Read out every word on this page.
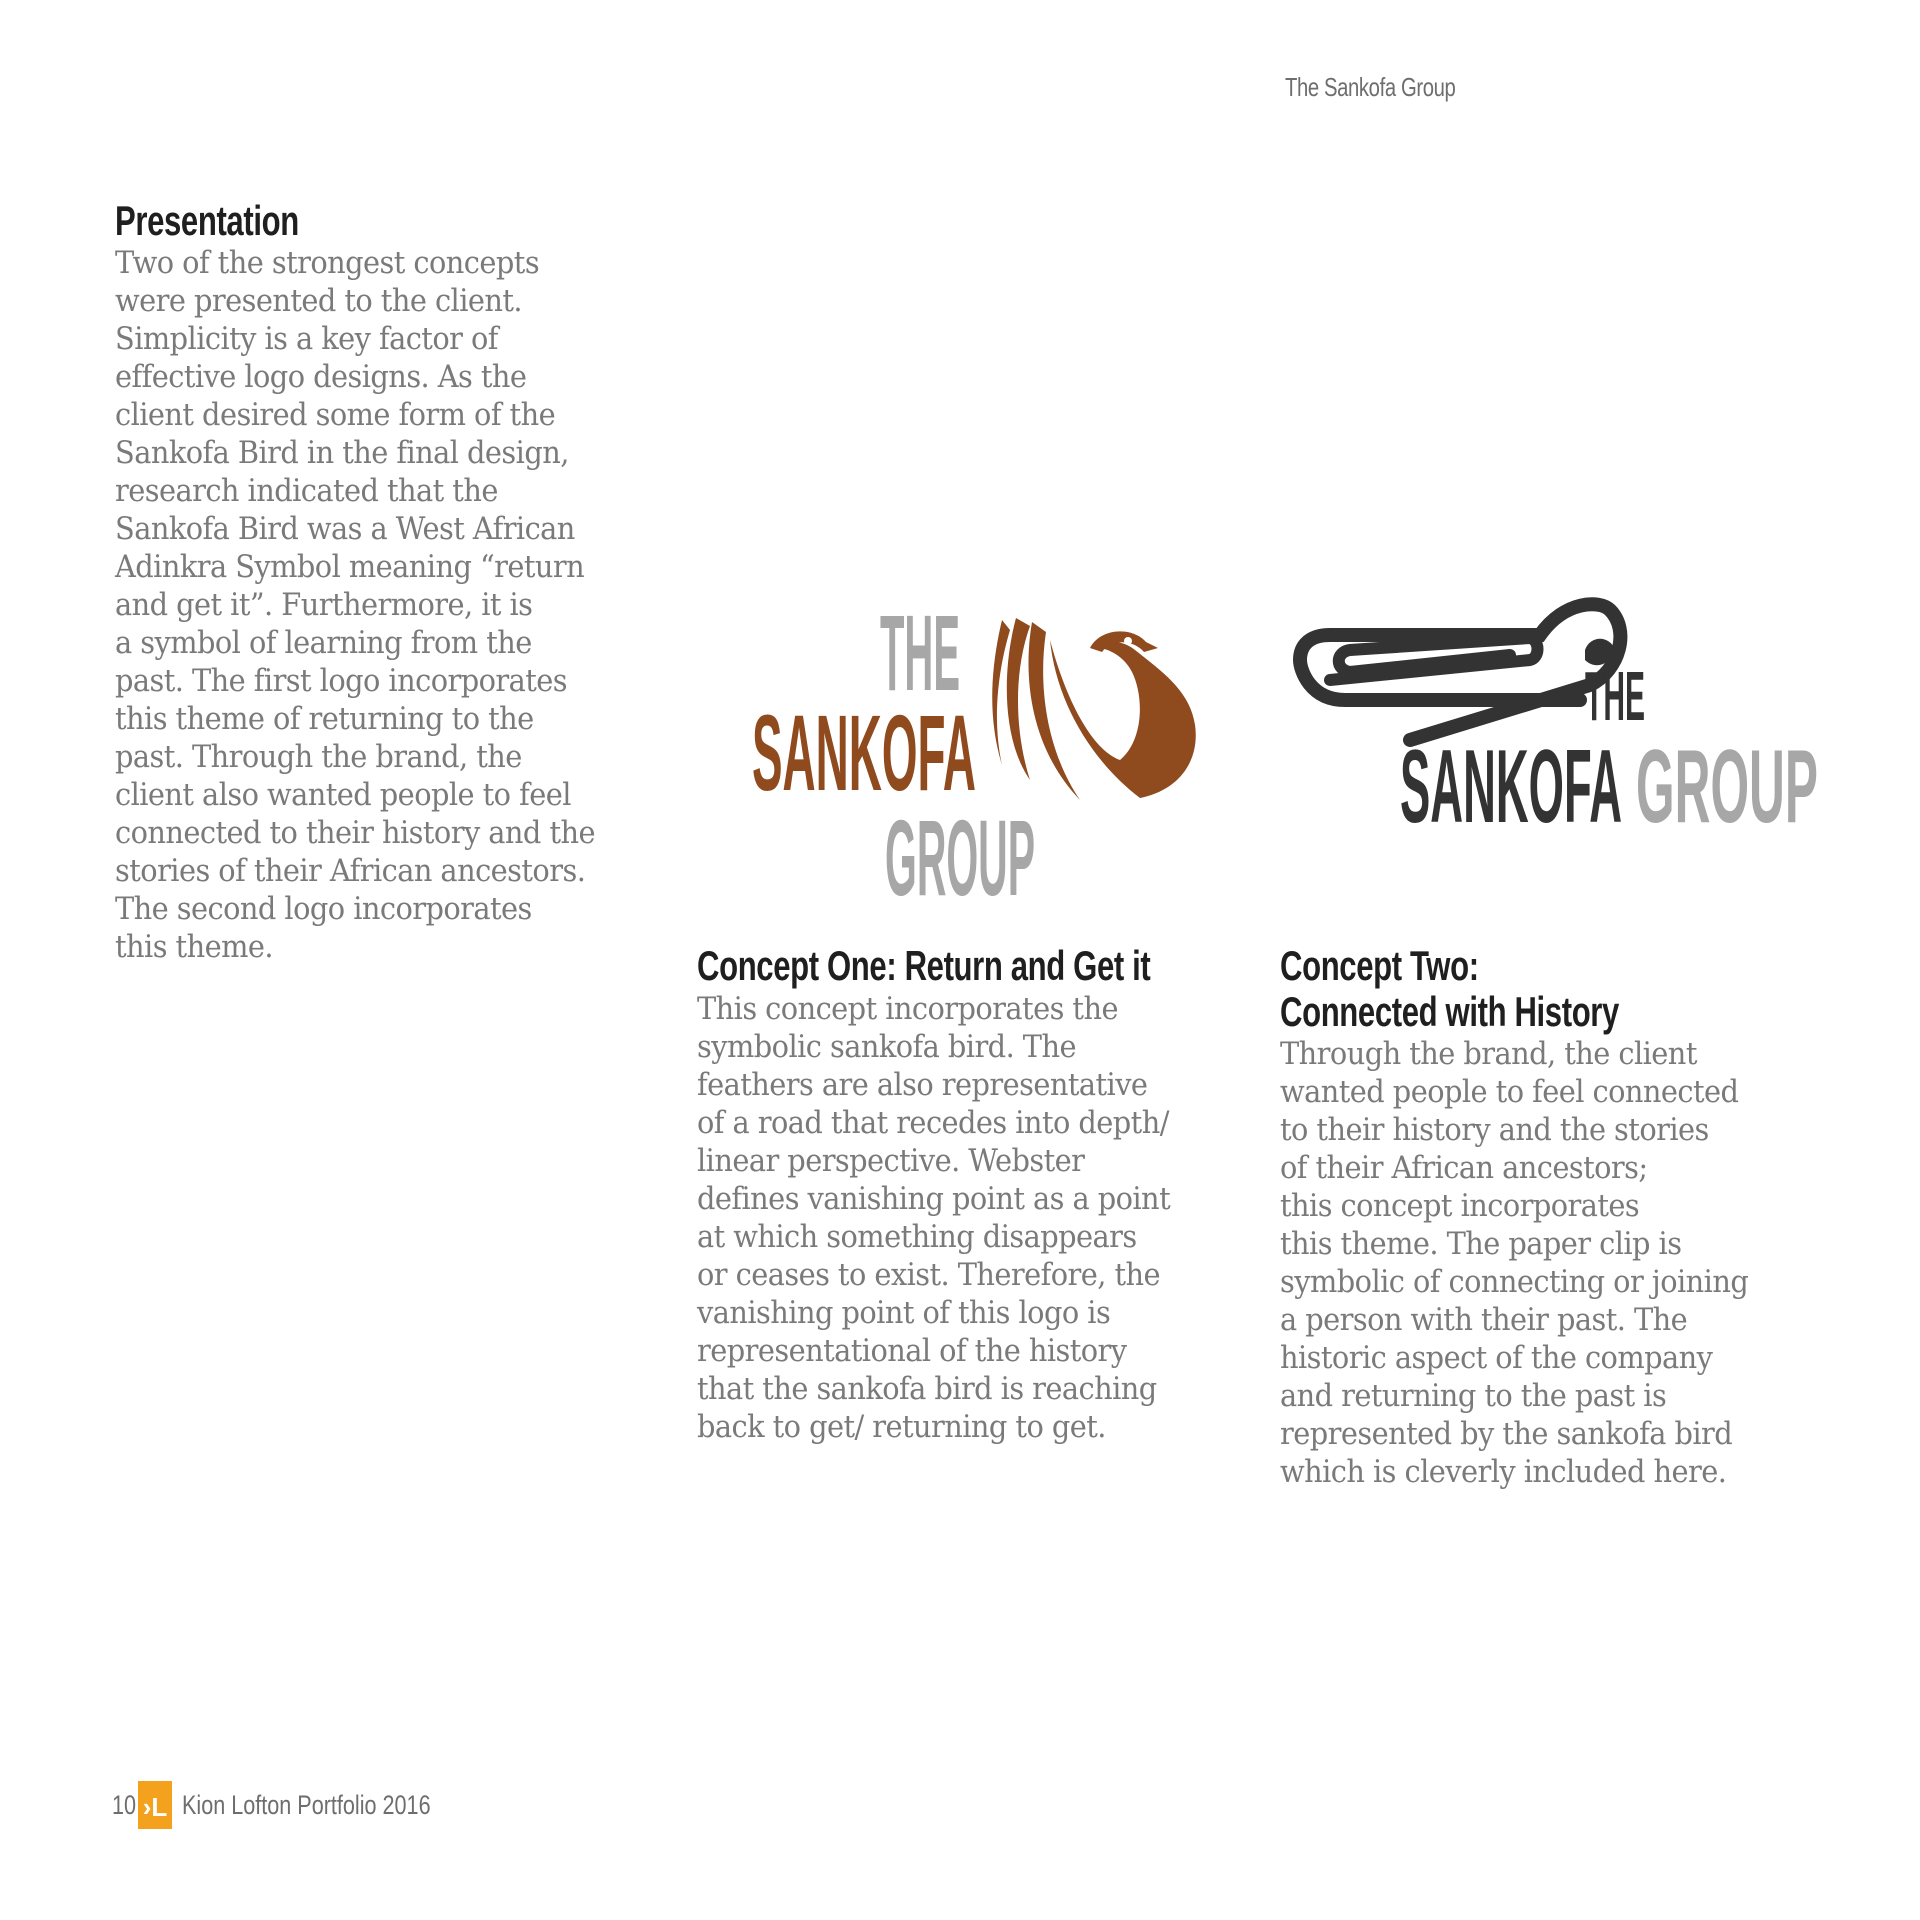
The Sankofa Group
Presentation
Two of the strongest concepts
were presented to the client.
Simplicity is a key factor of
effective logo designs. As the
client desired some form of the
Sankofa Bird in the final design,
research indicated that the
Sankofa Bird was a West African
Adinkra Symbol meaning “return
and get it”. Furthermore, it is
a symbol of learning from the
past. The first logo incorporates
this theme of returning to the
past. Through the brand, the
client also wanted people to feel
connected to their history and the
stories of their African ancestors.
The second logo incorporates
this theme.
THE
GROUP
SANKOFA	THE
SANKOFA GROUP
Concept One: Return and Get it
This concept incorporates the
symbolic sankofa bird. The
feathers are also representative
of a road that recedes into depth/
linear perspective. Webster
defines vanishing point as a point
at which something disappears
or ceases to exist. Therefore, the
vanishing point of this logo is
representational of the history
that the sankofa bird is reaching
back to get/ returning to get.
Concept Two:
Connected with History
Through the brand, the client
wanted people to feel connected
to their history and the stories
of their African ancestors;
this concept incorporates
this theme. The paper clip is
symbolic of connecting or joining
a person with their past. The
historic aspect of the company
and returning to the past is
represented by the sankofa bird
which is cleverly included here.
10 ›L Kion Lofton Portfolio 2016
